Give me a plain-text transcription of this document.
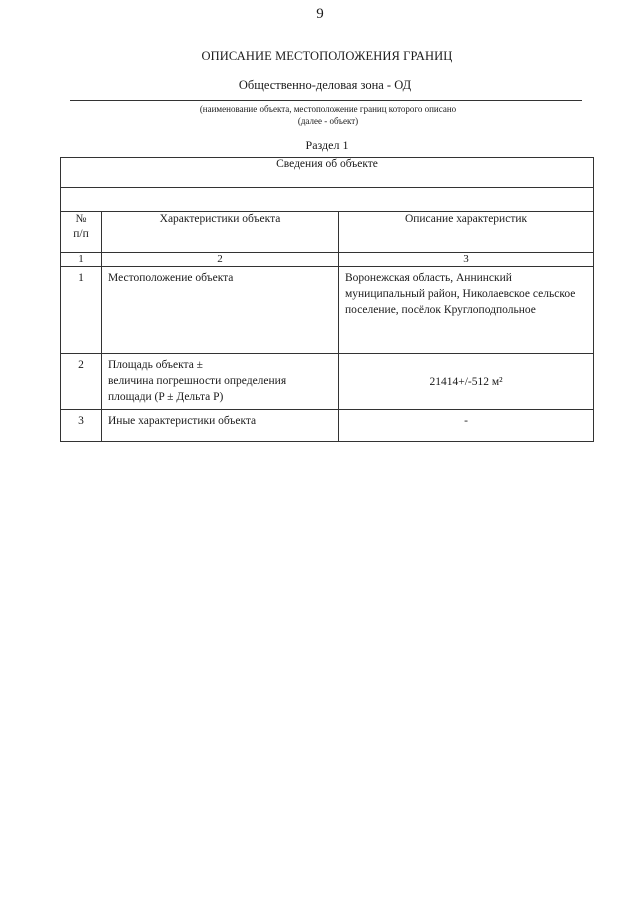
9
ОПИСАНИЕ МЕСТОПОЛОЖЕНИЯ ГРАНИЦ
Общественно-деловая зона - ОД
(наименование объекта, местоположение границ которого описано
(далее - объект)
Раздел 1
Сведения об объекте		

№
п/п	Характеристики объекта	Описание характеристик
1	2	3
1	Местоположение объекта	Воронежская область, Аннинский муниципальный район, Николаевское сельское поселение, посёлок Круглоподпольное
2	Площадь объекта ±
величина погрешности определения
площади (P ± Дельта P)	21414+/-512 м²
3	Иные характеристики объекта	-
